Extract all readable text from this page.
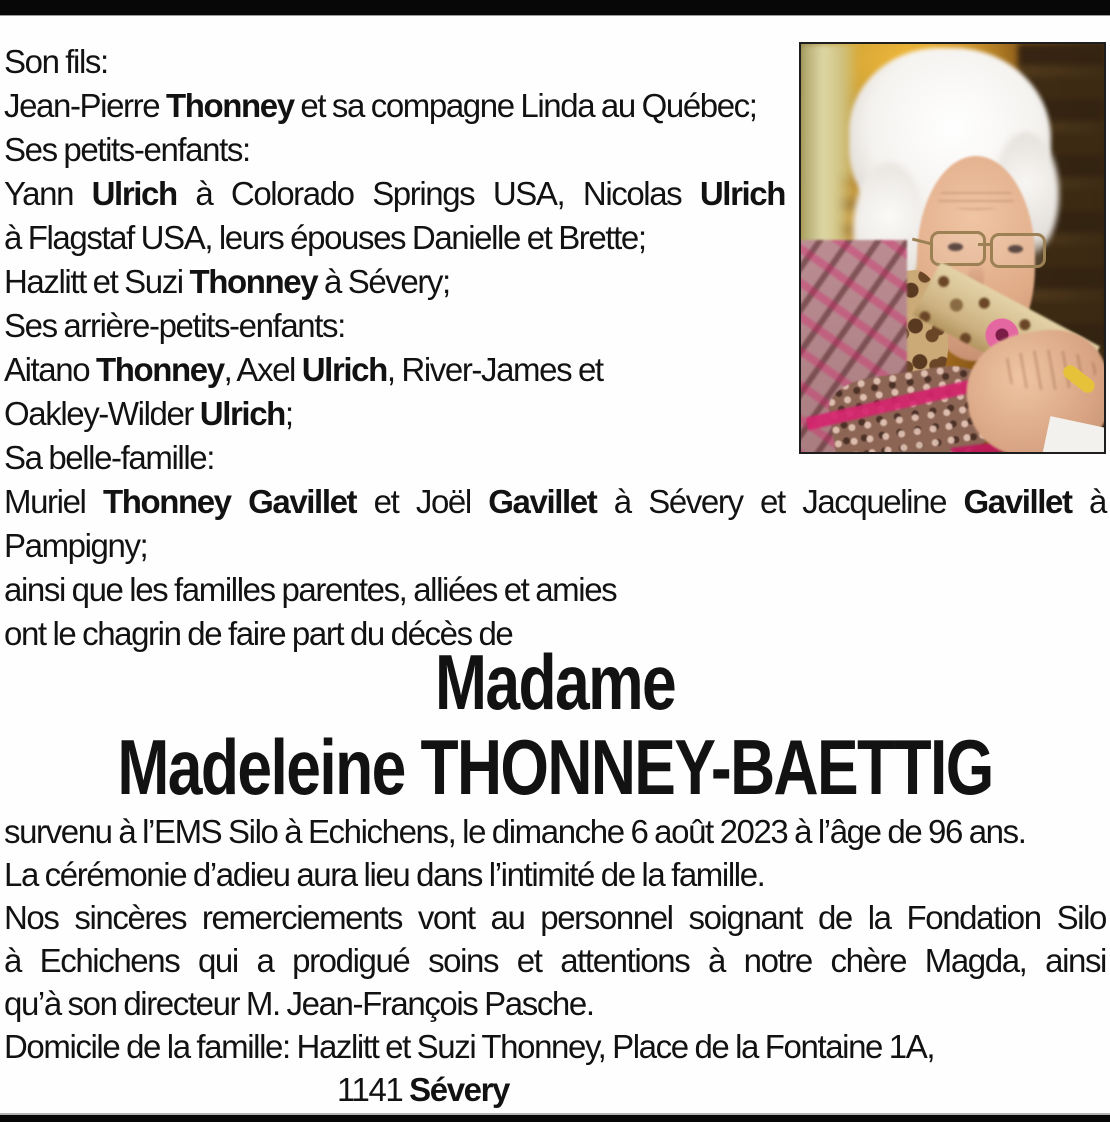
Son fils:
Jean-Pierre Thonney et sa compagne Linda au Québec;
Ses petits-enfants:
Yann Ulrich à Colorado Springs USA, Nicolas Ulrich
à Flagstaf USA, leurs épouses Danielle et Brette;
Hazlitt et Suzi Thonney à Sévery;
Ses arrière-petits-enfants:
Aitano Thonney, Axel Ulrich, River-James et
Oakley-Wilder Ulrich;
Sa belle-famille:
Muriel Thonney Gavillet et Joël Gavillet à Sévery et Jacqueline Gavillet à
Pampigny;
ainsi que les familles parentes, alliées et amies
ont le chagrin de faire part du décès de
Madame
Madeleine THONNEY-BAETTIG
survenu à l’EMS Silo à Echichens, le dimanche 6 août 2023 à l’âge de 96 ans.
La cérémonie d’adieu aura lieu dans l’intimité de la famille.
Nos sincères remerciements vont au personnel soignant de la Fondation Silo
à Echichens qui a prodigué soins et attentions à notre chère Magda, ainsi
qu’à son directeur M. Jean-François Pasche.
Domicile de la famille: Hazlitt et Suzi Thonney, Place de la Fontaine 1A,
1141 Sévery
